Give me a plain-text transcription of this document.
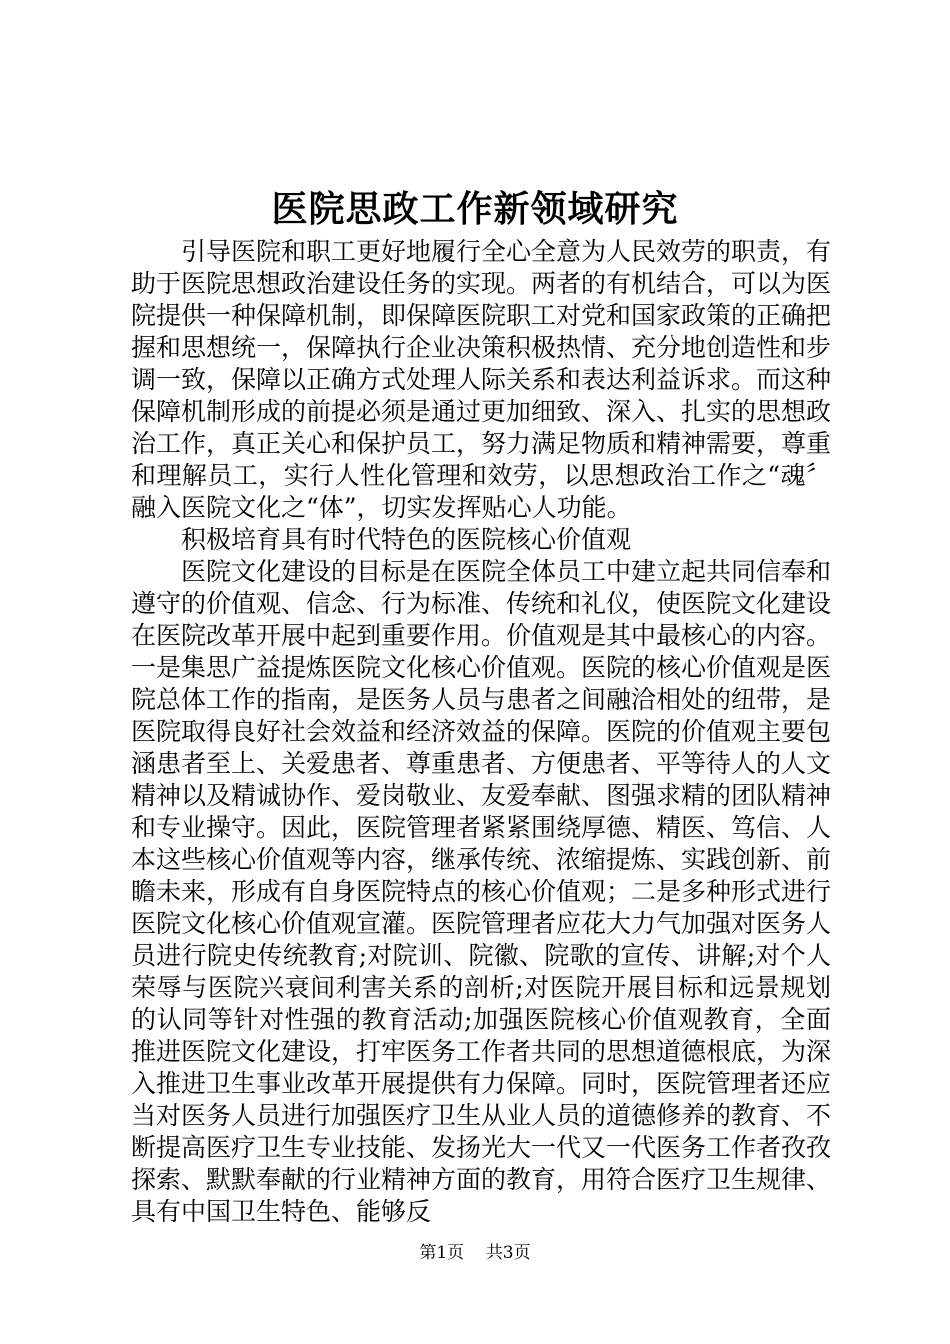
医院思政工作新领域研究

引导医院和职工更好地履行全心全意为人民效劳的职责，有助于医院思想政治建设任务的实现。两者的有机结合，可以为医院提供一种保障机制，即保障医院职工对党和国家政策的正确把握和思想统一，保障执行企业决策积极热情、充分地创造性和步调一致，保障以正确方式处理人际关系和表达利益诉求。而这种保障机制形成的前提必须是通过更加细致、深入、扎实的思想政治工作，真正关心和保护员工，努力满足物质和精神需要，尊重和理解员工，实行人性化管理和效劳，以思想政治工作之“魂〞融入医院文化之“体”，切实发挥贴心人功能。

积极培育具有时代特色的医院核心价值观

医院文化建设的目标是在医院全体员工中建立起共同信奉和遵守的价值观、信念、行为标准、传统和礼仪，使医院文化建设在医院改革开展中起到重要作用。价值观是其中最核心的内容。一是集思广益提炼医院文化核心价值观。医院的核心价值观是医院总体工作的指南，是医务人员与患者之间融洽相处的纽带，是医院取得良好社会效益和经济效益的保障。医院的价值观主要包涵患者至上、关爱患者、尊重患者、方便患者、平等待人的人文精神以及精诚协作、爱岗敬业、友爱奉献、图强求精的团队精神和专业操守。因此，医院管理者紧紧围绕厚德、精医、笃信、人本这些核心价值观等内容，继承传统、浓缩提炼、实践创新、前瞻未来，形成有自身医院特点的核心价值观；二是多种形式进行医院文化核心价值观宣灌。医院管理者应花大力气加强对医务人员进行院史传统教育;对院训、院徽、院歌的宣传、讲解;对个人荣辱与医院兴衰间利害关系的剖析;对医院开展目标和远景规划的认同等针对性强的教育活动;加强医院核心价值观教育，全面推进医院文化建设，打牢医务工作者共同的思想道德根底，为深入推进卫生事业改革开展提供有力保障。同时，医院管理者还应当对医务人员进行加强医疗卫生从业人员的道德修养的教育、不断提高医疗卫生专业技能、发扬光大一代又一代医务工作者孜孜探索、默默奉献的行业精神方面的教育，用符合医疗卫生规律、具有中国卫生特色、能够反

第1页 共3页
